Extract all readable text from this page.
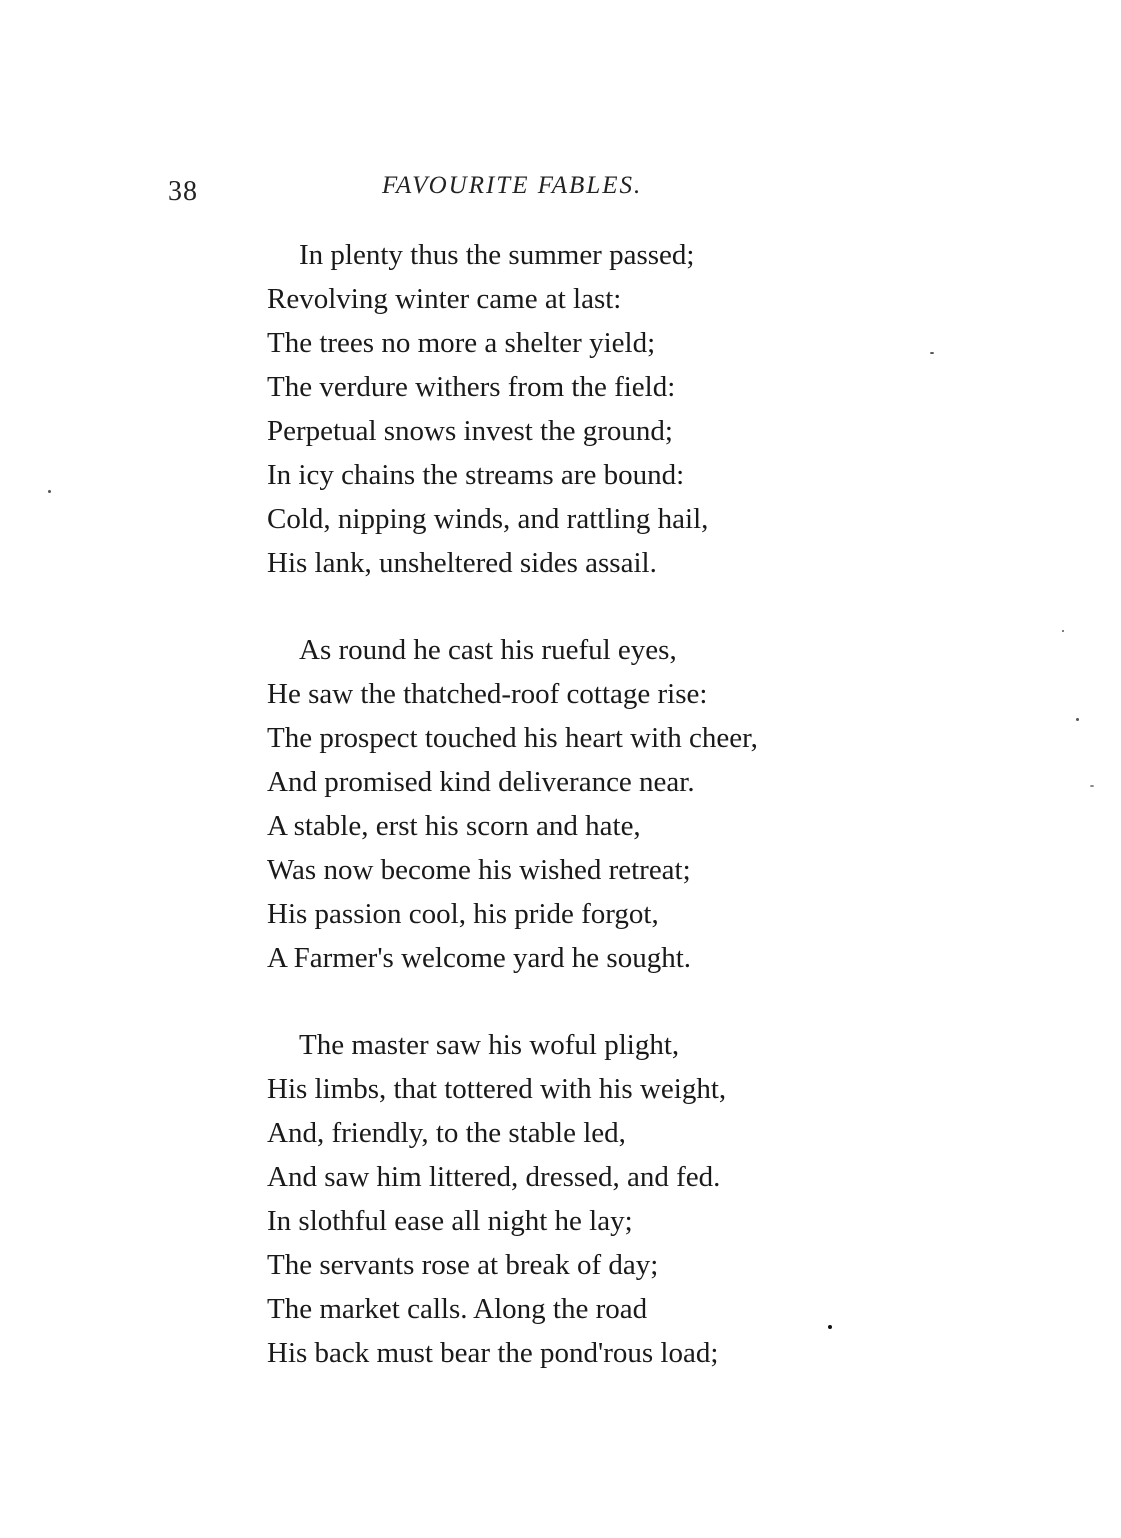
38	FAVOURITE FABLES.
In plenty thus the summer passed;
Revolving winter came at last:
The trees no more a shelter yield;
The verdure withers from the field:
Perpetual snows invest the ground;
In icy chains the streams are bound:
Cold, nipping winds, and rattling hail,
His lank, unsheltered sides assail.
As round he cast his rueful eyes,
He saw the thatched-roof cottage rise:
The prospect touched his heart with cheer,
And promised kind deliverance near.
A stable, erst his scorn and hate,
Was now become his wished retreat;
His passion cool, his pride forgot,
A Farmer's welcome yard he sought.
The master saw his woful plight,
His limbs, that tottered with his weight,
And, friendly, to the stable led,
And saw him littered, dressed, and fed.
In slothful ease all night he lay;
The servants rose at break of day;
The market calls. Along the road
His back must bear the pond'rous load;
